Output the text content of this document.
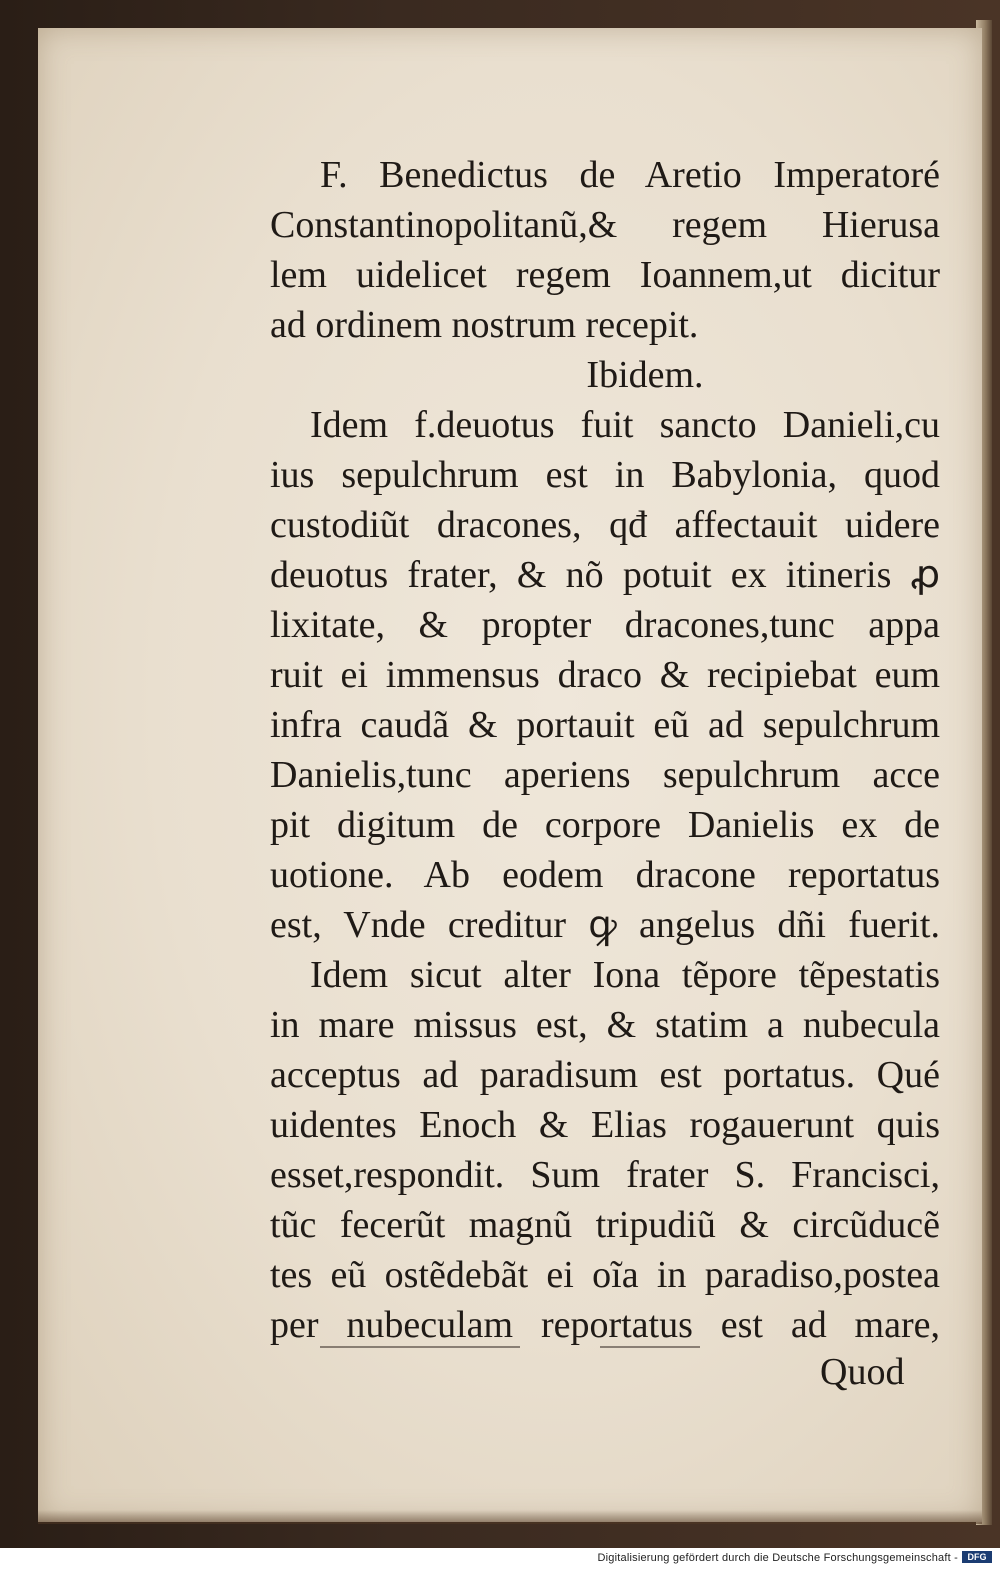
F. Benedictus de Aretio Imperatoré
Constantinopolitanũ,& regem Hierusa
lem uidelicet regem Ioannem,ut dicitur
ad ordinem nostrum recepit.
Ibidem.
Idem f.deuotus fuit sancto Danieli,cu
ius sepulchrum est in Babylonia, quod
custodiũt dracones, qđ affectauit uidere
deuotus frater, & nõ potuit ex itineris ꝓ
lixitate, & propter dracones,tunc appa
ruit ei immensus draco & recipiebat eum
infra caudã & portauit eũ ad sepulchrum
Danielis,tunc aperiens sepulchrum acce
pit digitum de corpore Danielis ex de
uotione. Ab eodem dracone reportatus
est, Vnde creditur ꝙ angelus dñi fuerit.
Idem sicut alter Iona tẽpore tẽpestatis
in mare missus est, & statim a nubecula
acceptus ad paradisum est portatus. Qué
uidentes Enoch & Elias rogauerunt quis
esset,respondit. Sum frater S. Francisci,
tũc fecerũt magnũ tripudiũ & circũducẽ
tes eũ ostẽdebãt ei oĩa in paradiso,postea
per nubeculam reportatus est ad mare,
Quod
Digitalisierung gefördert durch die Deutsche Forschungsgemeinschaft -	DFG
